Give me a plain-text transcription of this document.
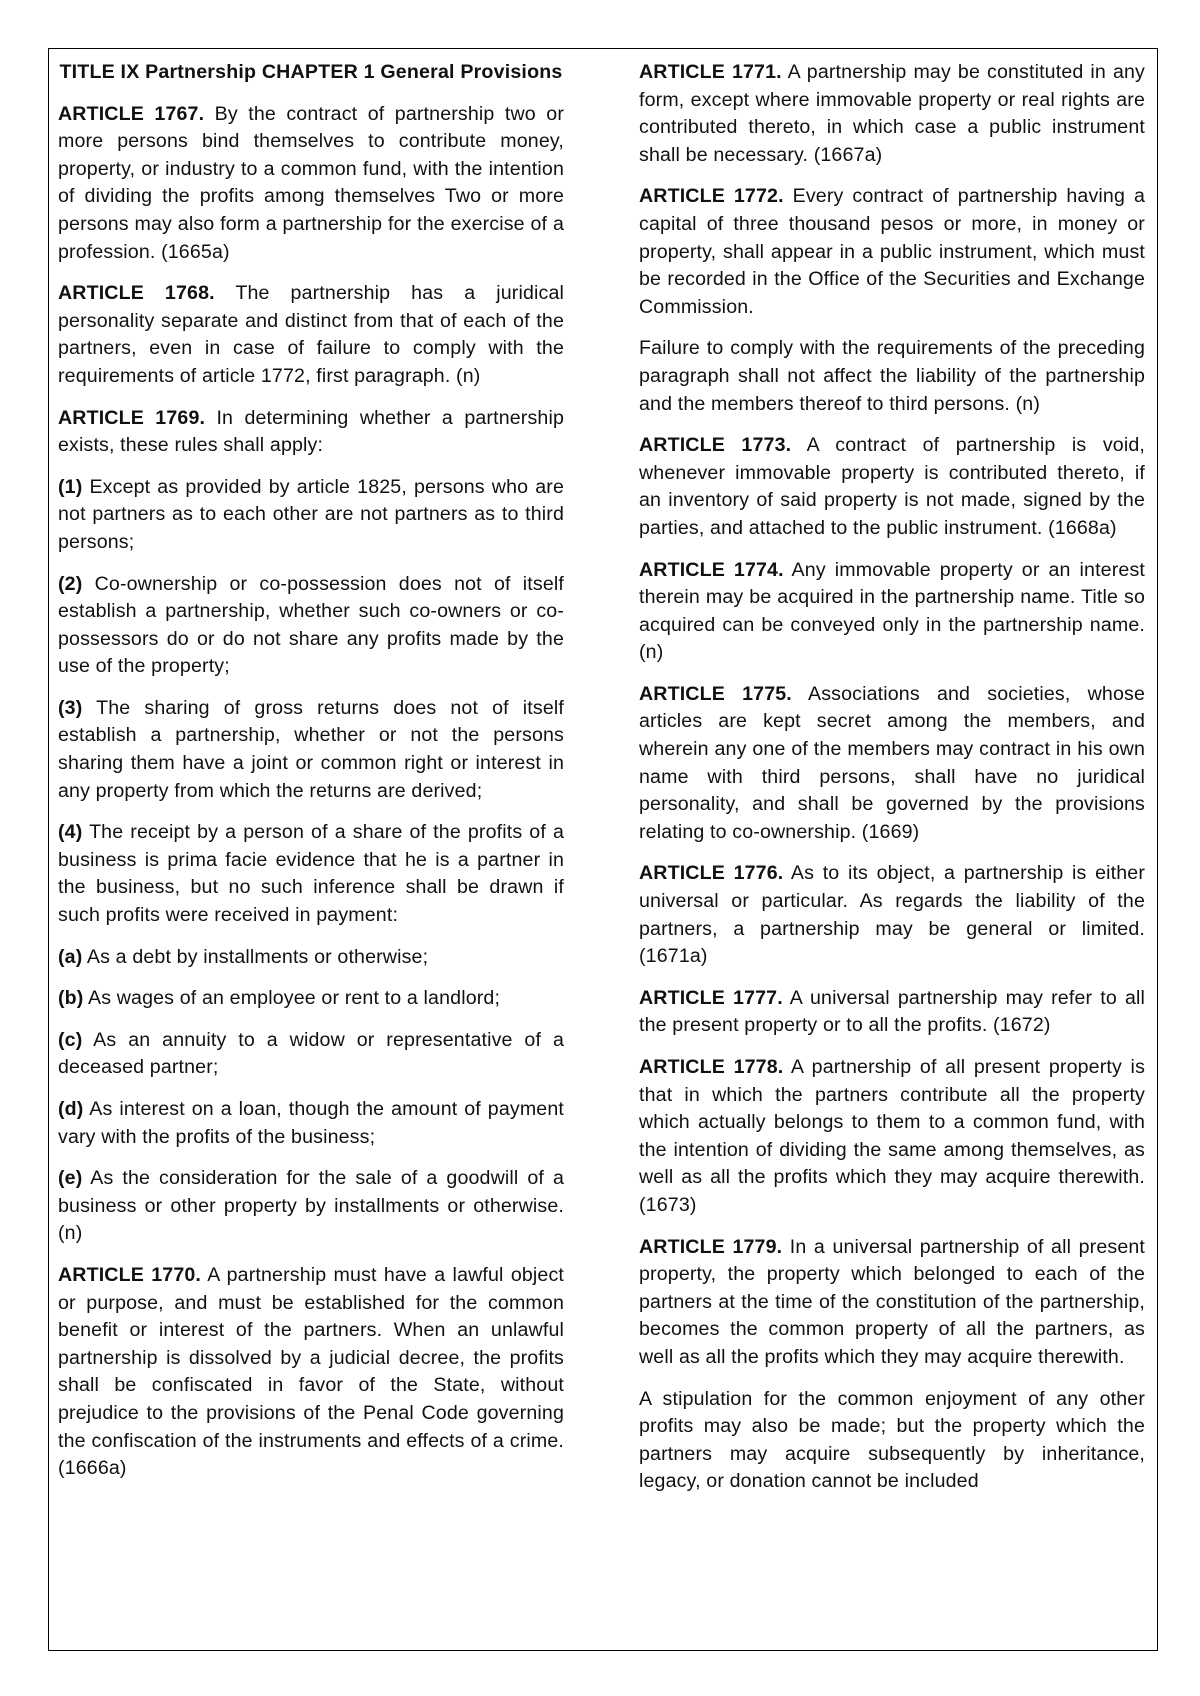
TITLE IX Partnership CHAPTER 1 General Provisions

ARTICLE 1767. By the contract of partnership two or more persons bind themselves to contribute money, property, or industry to a common fund, with the intention of dividing the profits among themselves Two or more persons may also form a partnership for the exercise of a profession. (1665a)

ARTICLE 1768. The partnership has a juridical personality separate and distinct from that of each of the partners, even in case of failure to comply with the requirements of article 1772, first paragraph. (n)

ARTICLE 1769. In determining whether a partnership exists, these rules shall apply:

(1) Except as provided by article 1825, persons who are not partners as to each other are not partners as to third persons;

(2) Co-ownership or co-possession does not of itself establish a partnership, whether such co-owners or co-possessors do or do not share any profits made by the use of the property;

(3) The sharing of gross returns does not of itself establish a partnership, whether or not the persons sharing them have a joint or common right or interest in any property from which the returns are derived;

(4) The receipt by a person of a share of the profits of a business is prima facie evidence that he is a partner in the business, but no such inference shall be drawn if such profits were received in payment:

(a) As a debt by installments or otherwise;

(b) As wages of an employee or rent to a landlord;

(c) As an annuity to a widow or representative of a deceased partner;

(d) As interest on a loan, though the amount of payment vary with the profits of the business;

(e) As the consideration for the sale of a goodwill of a business or other property by installments or otherwise. (n)

ARTICLE 1770. A partnership must have a lawful object or purpose, and must be established for the common benefit or interest of the partners. When an unlawful partnership is dissolved by a judicial decree, the profits shall be confiscated in favor of the State, without prejudice to the provisions of the Penal Code governing the confiscation of the instruments and effects of a crime. (1666a)

ARTICLE 1771. A partnership may be constituted in any form, except where immovable property or real rights are contributed thereto, in which case a public instrument shall be necessary. (1667a)

ARTICLE 1772. Every contract of partnership having a capital of three thousand pesos or more, in money or property, shall appear in a public instrument, which must be recorded in the Office of the Securities and Exchange Commission.

Failure to comply with the requirements of the preceding paragraph shall not affect the liability of the partnership and the members thereof to third persons. (n)

ARTICLE 1773. A contract of partnership is void, whenever immovable property is contributed thereto, if an inventory of said property is not made, signed by the parties, and attached to the public instrument. (1668a)

ARTICLE 1774. Any immovable property or an interest therein may be acquired in the partnership name. Title so acquired can be conveyed only in the partnership name. (n)

ARTICLE 1775. Associations and societies, whose articles are kept secret among the members, and wherein any one of the members may contract in his own name with third persons, shall have no juridical personality, and shall be governed by the provisions relating to co-ownership. (1669)

ARTICLE 1776. As to its object, a partnership is either universal or particular. As regards the liability of the partners, a partnership may be general or limited. (1671a)

ARTICLE 1777. A universal partnership may refer to all the present property or to all the profits. (1672)

ARTICLE 1778. A partnership of all present property is that in which the partners contribute all the property which actually belongs to them to a common fund, with the intention of dividing the same among themselves, as well as all the profits which they may acquire therewith. (1673)

ARTICLE 1779. In a universal partnership of all present property, the property which belonged to each of the partners at the time of the constitution of the partnership, becomes the common property of all the partners, as well as all the profits which they may acquire therewith.

A stipulation for the common enjoyment of any other profits may also be made; but the property which the partners may acquire subsequently by inheritance, legacy, or donation cannot be included
